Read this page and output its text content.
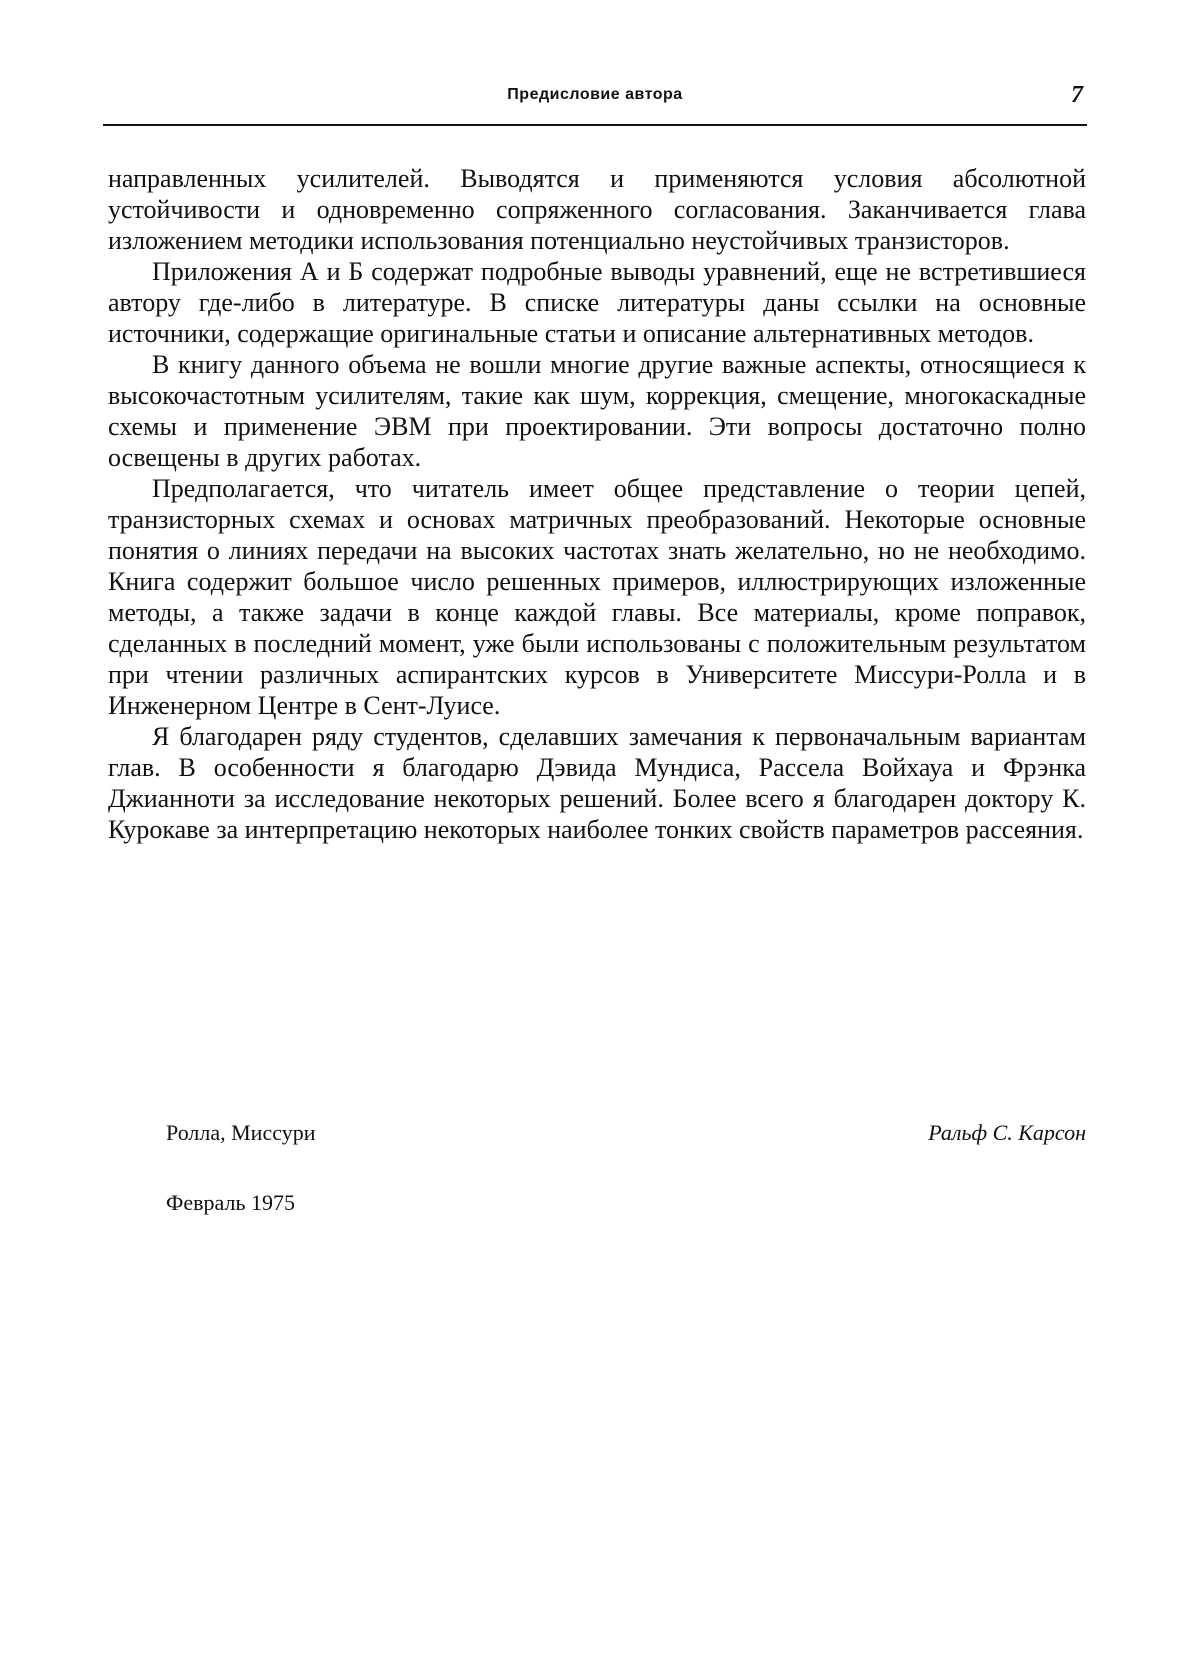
Предисловие автора	7

направленных усилителей. Выводятся и применяются условия абсолютной устойчивости и одновременно сопряженного согласования. Заканчивается глава изложением методики использования потенциально неустойчивых транзисторов.

Приложения А и Б содержат подробные выводы уравнений, еще не встретившиеся автору где-либо в литературе. В списке литературы даны ссылки на основные источники, содержащие оригинальные статьи и описание альтернативных методов.

В книгу данного объема не вошли многие другие важные аспекты, относящиеся к высокочастотным усилителям, такие как шум, коррекция, смещение, многокаскадные схемы и применение ЭВМ при проектировании. Эти вопросы достаточно полно освещены в других работах.

Предполагается, что читатель имеет общее представление о теории цепей, транзисторных схемах и основах матричных преобразований. Некоторые основные понятия о линиях передачи на высоких частотах знать желательно, но не необходимо. Книга содержит большое число решенных примеров, иллюстрирующих изложенные методы, а также задачи в конце каждой главы. Все материалы, кроме поправок, сделанных в последний момент, уже были использованы с положительным результатом при чтении различных аспирантских курсов в Университете Миссури-Ролла и в Инженерном Центре в Сент-Луисе.

Я благодарен ряду студентов, сделавших замечания к первоначальным вариантам глав. В особенности я благодарю Дэвида Мундиса, Рассела Войхауа и Фрэнка Джианноти за исследование некоторых решений. Более всего я благодарен доктору К. Курокаве за интерпретацию некоторых наиболее тонких свойств параметров рассеяния.

Ролла, Миссури	Ральф С. Карсон
Февраль 1975
